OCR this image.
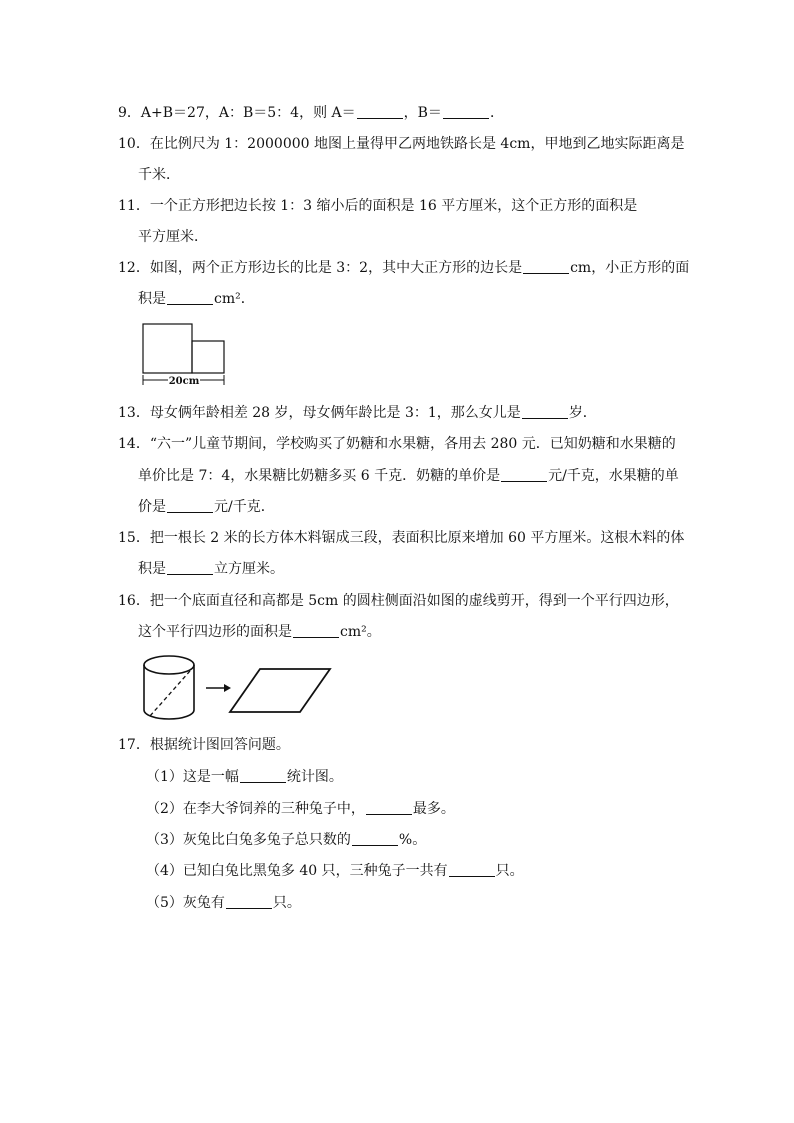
9．A+B＝27，A：B＝5：4，则 A＝	，B＝	．
10．在比例尺为 1：2000000 地图上量得甲乙两地铁路长是 4cm，甲地到乙地实际距离是
千米．
11．一个正方形把边长按 1：3 缩小后的面积是 16 平方厘米，这个正方形的面积是
平方厘米．
12．如图，两个正方形边长的比是 3：2，其中大正方形的边长是	cm，小正方形的面
积是	cm²．
20cm
13．母女俩年龄相差 28 岁，母女俩年龄比是 3：1，那么女儿是	岁．
14．“六一”儿童节期间，学校购买了奶糖和水果糖，各用去 280 元．已知奶糖和水果糖的
单价比是 7：4，水果糖比奶糖多买 6 千克．奶糖的单价是	元/千克，水果糖的单
价是	元/千克．
15．把一根长 2 米的长方体木料锯成三段，表面积比原来增加 60 平方厘米。这根木料的体
积是	立方厘米。
16．把一个底面直径和高都是 5cm 的圆柱侧面沿如图的虚线剪开，得到一个平行四边形，
这个平行四边形的面积是	cm²。
17．根据统计图回答问题。
（1）这是一幅	统计图。
（2）在李大爷饲养的三种兔子中，	最多。
（3）灰兔比白兔多兔子总只数的	%。
（4）已知白兔比黑兔多 40 只，三种兔子一共有	只。
（5）灰兔有	只。
